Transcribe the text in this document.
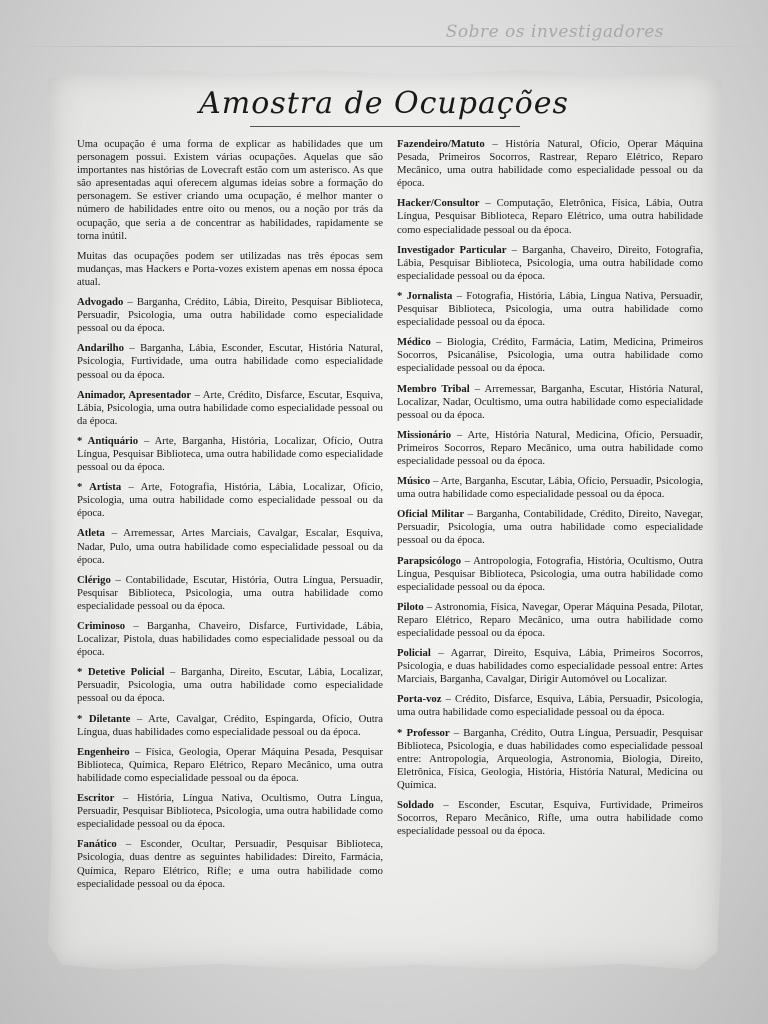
Sobre os investigadores
Amostra de Ocupações

Uma ocupação é uma forma de explicar as habilidades que um personagem possui. Existem várias ocupações. Aquelas que são importantes nas histórias de Lovecraft estão com um asterisco. As que são apresentadas aqui oferecem algumas ideias sobre a formação do personagem. Se estiver criando uma ocupação, é melhor manter o número de habilidades entre oito ou menos, ou a noção por trás da ocupação, que seria a de concentrar as habilidades, rapidamente se torna inútil.

Muitas das ocupações podem ser utilizadas nas três épocas sem mudanças, mas Hackers e Porta-vozes existem apenas em nossa época atual.

Advogado – Barganha, Crédito, Lábia, Direito, Pesquisar Biblioteca, Persuadir, Psicologia, uma outra habilidade como especialidade pessoal ou da época.

Andarilho – Barganha, Lábia, Esconder, Escutar, História Natural, Psicologia, Furtividade, uma outra habilidade como especialidade pessoal ou da época.

Animador, Apresentador – Arte, Crédito, Disfarce, Escutar, Esquiva, Lábia, Psicologia, uma outra habilidade como especialidade pessoal ou da época.

* Antiquário – Arte, Barganha, História, Localizar, Ofício, Outra Língua, Pesquisar Biblioteca, uma outra habilidade como especialidade pessoal ou da época.

* Artista – Arte, Fotografia, História, Lábia, Localizar, Ofício, Psicologia, uma outra habilidade como especialidade pessoal ou da época.

Atleta – Arremessar, Artes Marciais, Cavalgar, Escalar, Esquiva, Nadar, Pulo, uma outra habilidade como especialidade pessoal ou da época.

Clérigo – Contabilidade, Escutar, História, Outra Língua, Persuadir, Pesquisar Biblioteca, Psicologia, uma outra habilidade como especialidade pessoal ou da época.

Criminoso – Barganha, Chaveiro, Disfarce, Furtividade, Lábia, Localizar, Pistola, duas habilidades como especialidade pessoal ou da época.

* Detetive Policial – Barganha, Direito, Escutar, Lábia, Localizar, Persuadir, Psicologia, uma outra habilidade como especialidade pessoal ou da época.

* Diletante – Arte, Cavalgar, Crédito, Espingarda, Ofício, Outra Língua, duas habilidades como especialidade pessoal ou da época.

Engenheiro – Física, Geologia, Operar Máquina Pesada, Pesquisar Biblioteca, Química, Reparo Elétrico, Reparo Mecânico, uma outra habilidade como especialidade pessoal ou da época.

Escritor – História, Língua Nativa, Ocultismo, Outra Língua, Persuadir, Pesquisar Biblioteca, Psicologia, uma outra habilidade como especialidade pessoal ou da época.

Fanático – Esconder, Ocultar, Persuadir, Pesquisar Biblioteca, Psicologia, duas dentre as seguintes habilidades: Direito, Farmácia, Química, Reparo Elétrico, Rifle; e uma outra habilidade como especialidade pessoal ou da época.

Fazendeiro/Matuto – História Natural, Ofício, Operar Máquina Pesada, Primeiros Socorros, Rastrear, Reparo Elétrico, Reparo Mecânico, uma outra habilidade como especialidade pessoal ou da época.

Hacker/Consultor – Computação, Eletrônica, Física, Lábia, Outra Língua, Pesquisar Biblioteca, Reparo Elétrico, uma outra habilidade como especialidade pessoal ou da época.

Investigador Particular – Barganha, Chaveiro, Direito, Fotografia, Lábia, Pesquisar Biblioteca, Psicologia, uma outra habilidade como especialidade pessoal ou da época.

* Jornalista – Fotografia, História, Lábia, Língua Nativa, Persuadir, Pesquisar Biblioteca, Psicologia, uma outra habilidade como especialidade pessoal ou da época.

Médico – Biologia, Crédito, Farmácia, Latim, Medicina, Primeiros Socorros, Psicanálise, Psicologia, uma outra habilidade como especialidade pessoal ou da época.

Membro Tribal – Arremessar, Barganha, Escutar, História Natural, Localizar, Nadar, Ocultismo, uma outra habilidade como especialidade pessoal ou da época.

Missionário – Arte, História Natural, Medicina, Ofício, Persuadir, Primeiros Socorros, Reparo Mecânico, uma outra habilidade como especialidade pessoal ou da época.

Músico – Arte, Barganha, Escutar, Lábia, Ofício, Persuadir, Psicologia, uma outra habilidade como especialidade pessoal ou da época.

Oficial Militar – Barganha, Contabilidade, Crédito, Direito, Navegar, Persuadir, Psicologia, uma outra habilidade como especialidade pessoal ou da época.

Parapsicólogo – Antropologia, Fotografia, História, Ocultismo, Outra Língua, Pesquisar Biblioteca, Psicologia, uma outra habilidade como especialidade pessoal ou da época.

Piloto – Astronomia, Física, Navegar, Operar Máquina Pesada, Pilotar, Reparo Elétrico, Reparo Mecânico, uma outra habilidade como especialidade pessoal ou da época.

Policial – Agarrar, Direito, Esquiva, Lábia, Primeiros Socorros, Psicologia, e duas habilidades como especialidade pessoal entre: Artes Marciais, Barganha, Cavalgar, Dirigir Automóvel ou Localizar.

Porta-voz – Crédito, Disfarce, Esquiva, Lábia, Persuadir, Psicologia, uma outra habilidade como especialidade pessoal ou da época.

* Professor – Barganha, Crédito, Outra Língua, Persuadir, Pesquisar Biblioteca, Psicologia, e duas habilidades como especialidade pessoal entre: Antropologia, Arqueologia, Astronomia, Biologia, Direito, Eletrônica, Física, Geologia, História, História Natural, Medicina ou Química.

Soldado – Esconder, Escutar, Esquiva, Furtividade, Primeiros Socorros, Reparo Mecânico, Rifle, uma outra habilidade como especialidade pessoal ou da época.
